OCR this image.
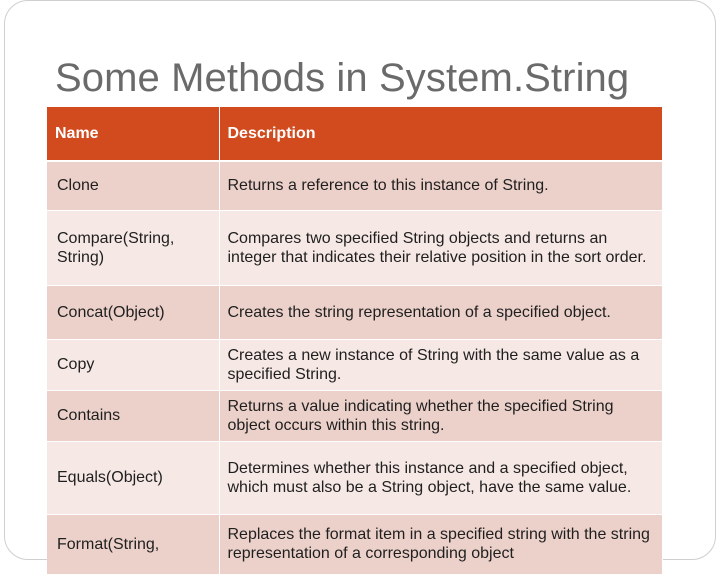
Some Methods in System.String
Name	Description
Clone	Returns a reference to this instance of String.
Compare(String, String)	Compares two specified String objects and returns an integer that indicates their relative position in the sort order.
Concat(Object)	Creates the string representation of a specified object.
Copy	Creates a new instance of String with the same value as a specified String.
Contains	Returns a value indicating whether the specified String object occurs within this string.
Equals(Object)	Determines whether this instance and a specified object, which must also be a String object, have the same value.
Format(String,	Replaces the format item in a specified string with the string representation of a corresponding object
